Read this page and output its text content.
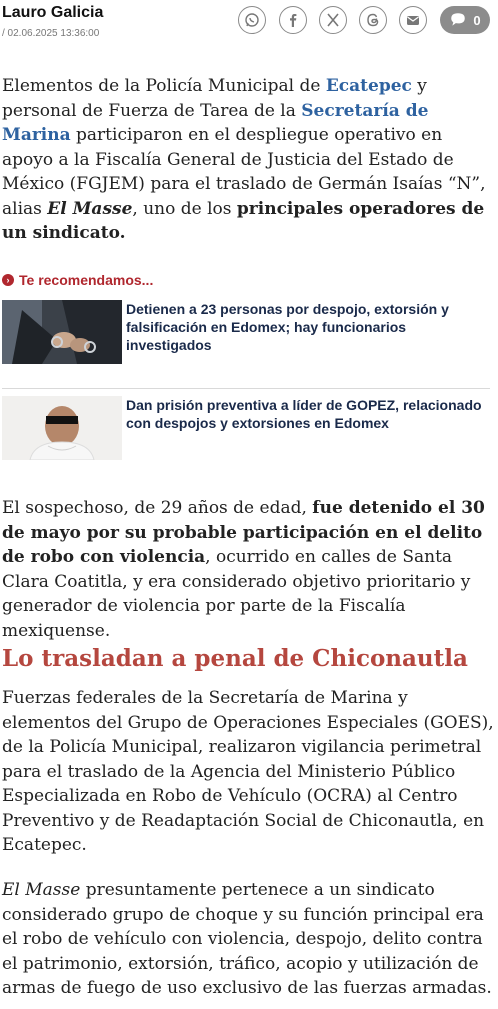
Lauro Galicia
/ 02.06.2025 13:36:00
0
Elementos de la Policía Municipal de Ecatepec y personal de Fuerza de Tarea de la Secretaría de Marina participaron en el despliegue operativo en apoyo a la Fiscalía General de Justicia del Estado de México (FGJEM) para el traslado de Germán Isaías “N”, alias El Masse, uno de los principales operadores de un sindicato.
› Te recomendamos...
Detienen a 23 personas por despojo, extorsión y falsificación en Edomex; hay funcionarios investigados
Dan prisión preventiva a líder de GOPEZ, relacionado con despojos y extorsiones en Edomex
El sospechoso, de 29 años de edad, fue detenido el 30 de mayo por su probable participación en el delito de robo con violencia, ocurrido en calles de Santa Clara Coatitla, y era considerado objetivo prioritario y generador de violencia por parte de la Fiscalía mexiquense.
Lo trasladan a penal de Chiconautla
Fuerzas federales de la Secretaría de Marina y elementos del Grupo de Operaciones Especiales (GOES), de la Policía Municipal, realizaron vigilancia perimetral para el traslado de la Agencia del Ministerio Público Especializada en Robo de Vehículo (OCRA) al Centro Preventivo y de Readaptación Social de Chiconautla, en Ecatepec.
El Masse presuntamente pertenece a un sindicato considerado grupo de choque y su función principal era el robo de vehículo con violencia, despojo, delito contra el patrimonio, extorsión, tráfico, acopio y utilización de armas de fuego de uso exclusivo de las fuerzas armadas.
